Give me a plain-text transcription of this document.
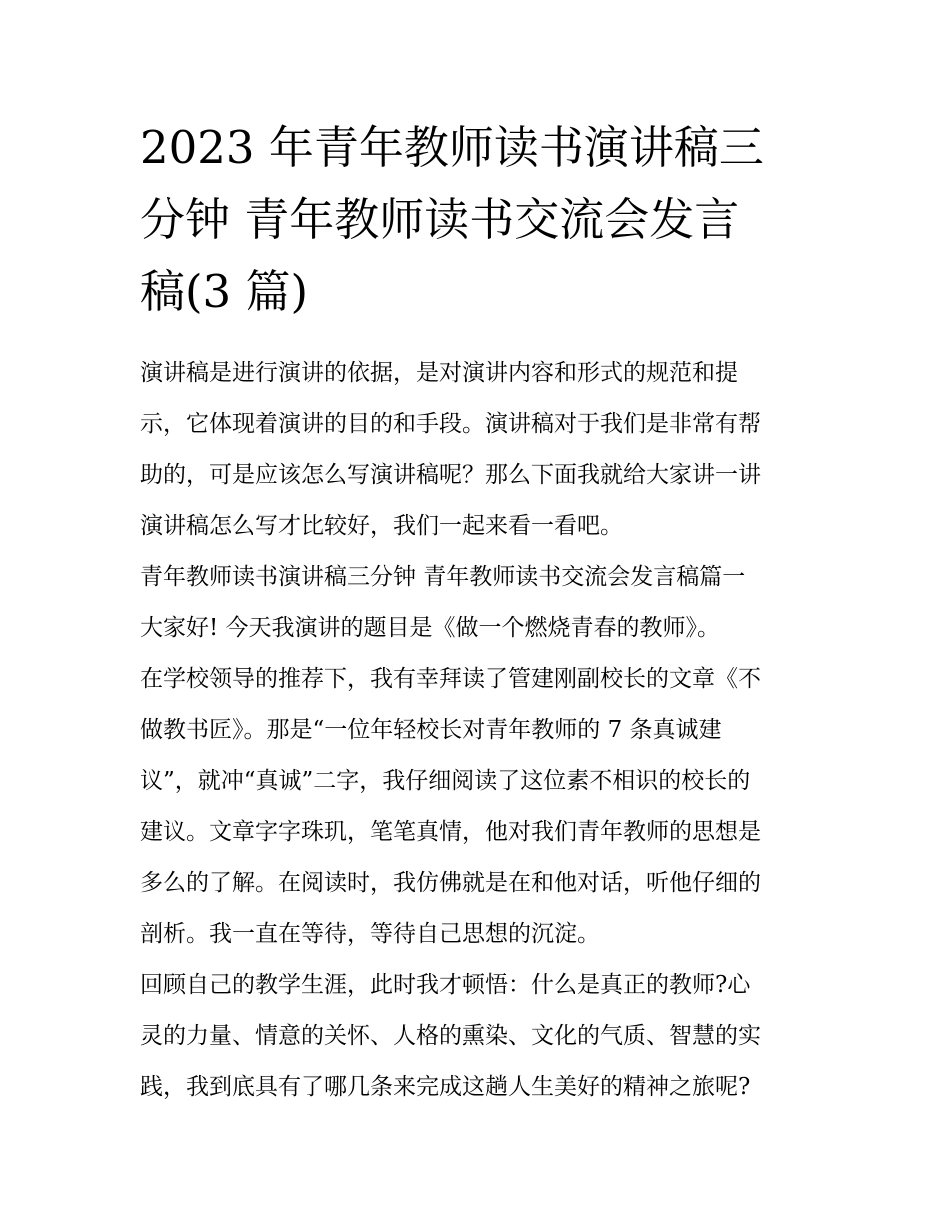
2023 年青年教师读书演讲稿三
分钟 青年教师读书交流会发言
稿(3 篇)
演讲稿是进行演讲的依据，是对演讲内容和形式的规范和提
示，它体现着演讲的目的和手段。演讲稿对于我们是非常有帮
助的，可是应该怎么写演讲稿呢？那么下面我就给大家讲一讲
演讲稿怎么写才比较好，我们一起来看一看吧。
青年教师读书演讲稿三分钟 青年教师读书交流会发言稿篇一
大家好! 今天我演讲的题目是《做一个燃烧青春的教师》。
在学校领导的推荐下，我有幸拜读了管建刚副校长的文章《不
做教书匠》。那是“一位年轻校长对青年教师的 7 条真诚建
议”，就冲“真诚”二字，我仔细阅读了这位素不相识的校长的
建议。文章字字珠玑，笔笔真情，他对我们青年教师的思想是
多么的了解。在阅读时，我仿佛就是在和他对话，听他仔细的
剖析。我一直在等待，等待自己思想的沉淀。
回顾自己的教学生涯，此时我才顿悟：什么是真正的教师?心
灵的力量、情意的关怀、人格的熏染、文化的气质、智慧的实
践，我到底具有了哪几条来完成这趟人生美好的精神之旅呢?
